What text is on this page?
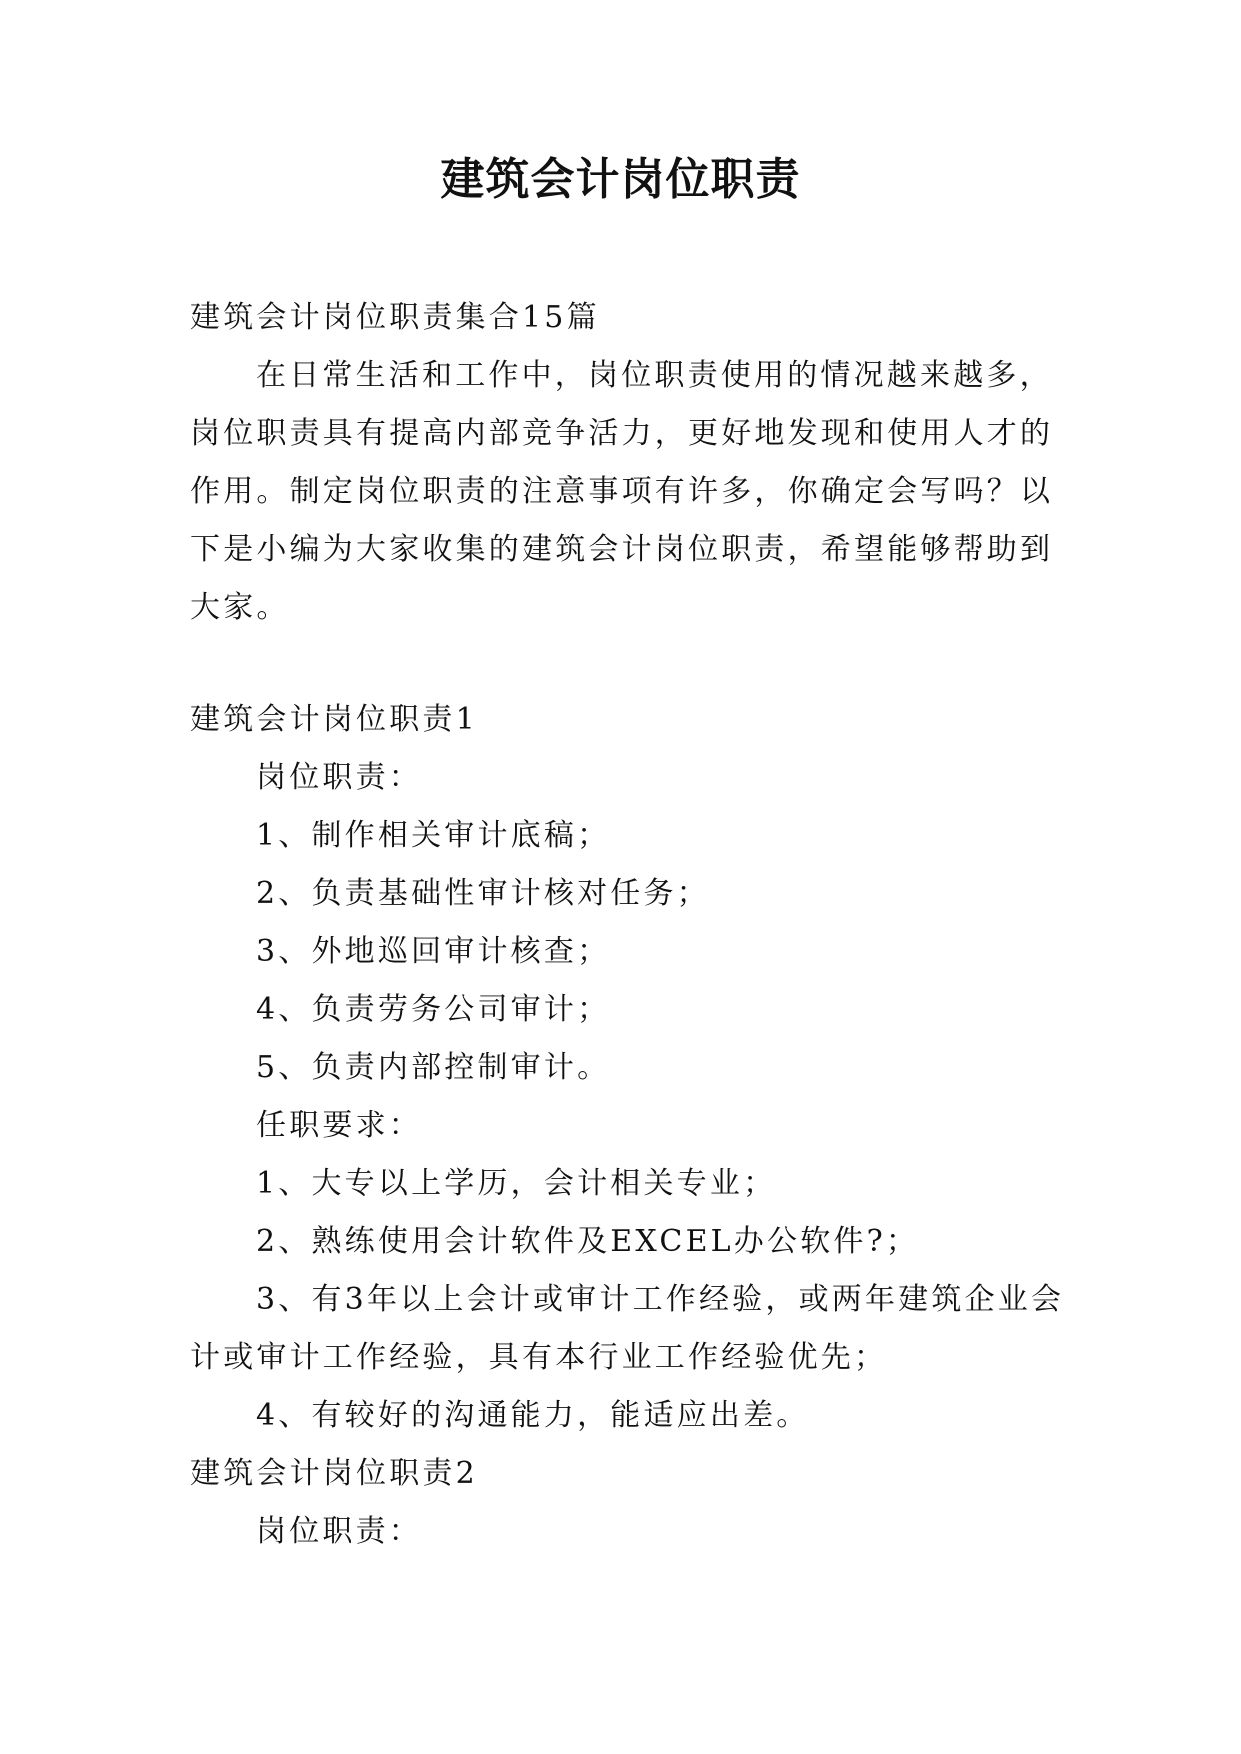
建筑会计岗位职责

建筑会计岗位职责集合15篇

在日常生活和工作中，岗位职责使用的情况越来越多，岗位职责具有提高内部竞争活力，更好地发现和使用人才的作用。制定岗位职责的注意事项有许多，你确定会写吗？以下是小编为大家收集的建筑会计岗位职责，希望能够帮助到大家。

建筑会计岗位职责1

岗位职责：

1、制作相关审计底稿；

2、负责基础性审计核对任务；

3、外地巡回审计核查；

4、负责劳务公司审计；

5、负责内部控制审计。

任职要求：

1、大专以上学历，会计相关专业；

2、熟练使用会计软件及EXCEL办公软件?；

3、有3年以上会计或审计工作经验，或两年建筑企业会计或审计工作经验，具有本行业工作经验优先；

4、有较好的沟通能力，能适应出差。

建筑会计岗位职责2

岗位职责：
